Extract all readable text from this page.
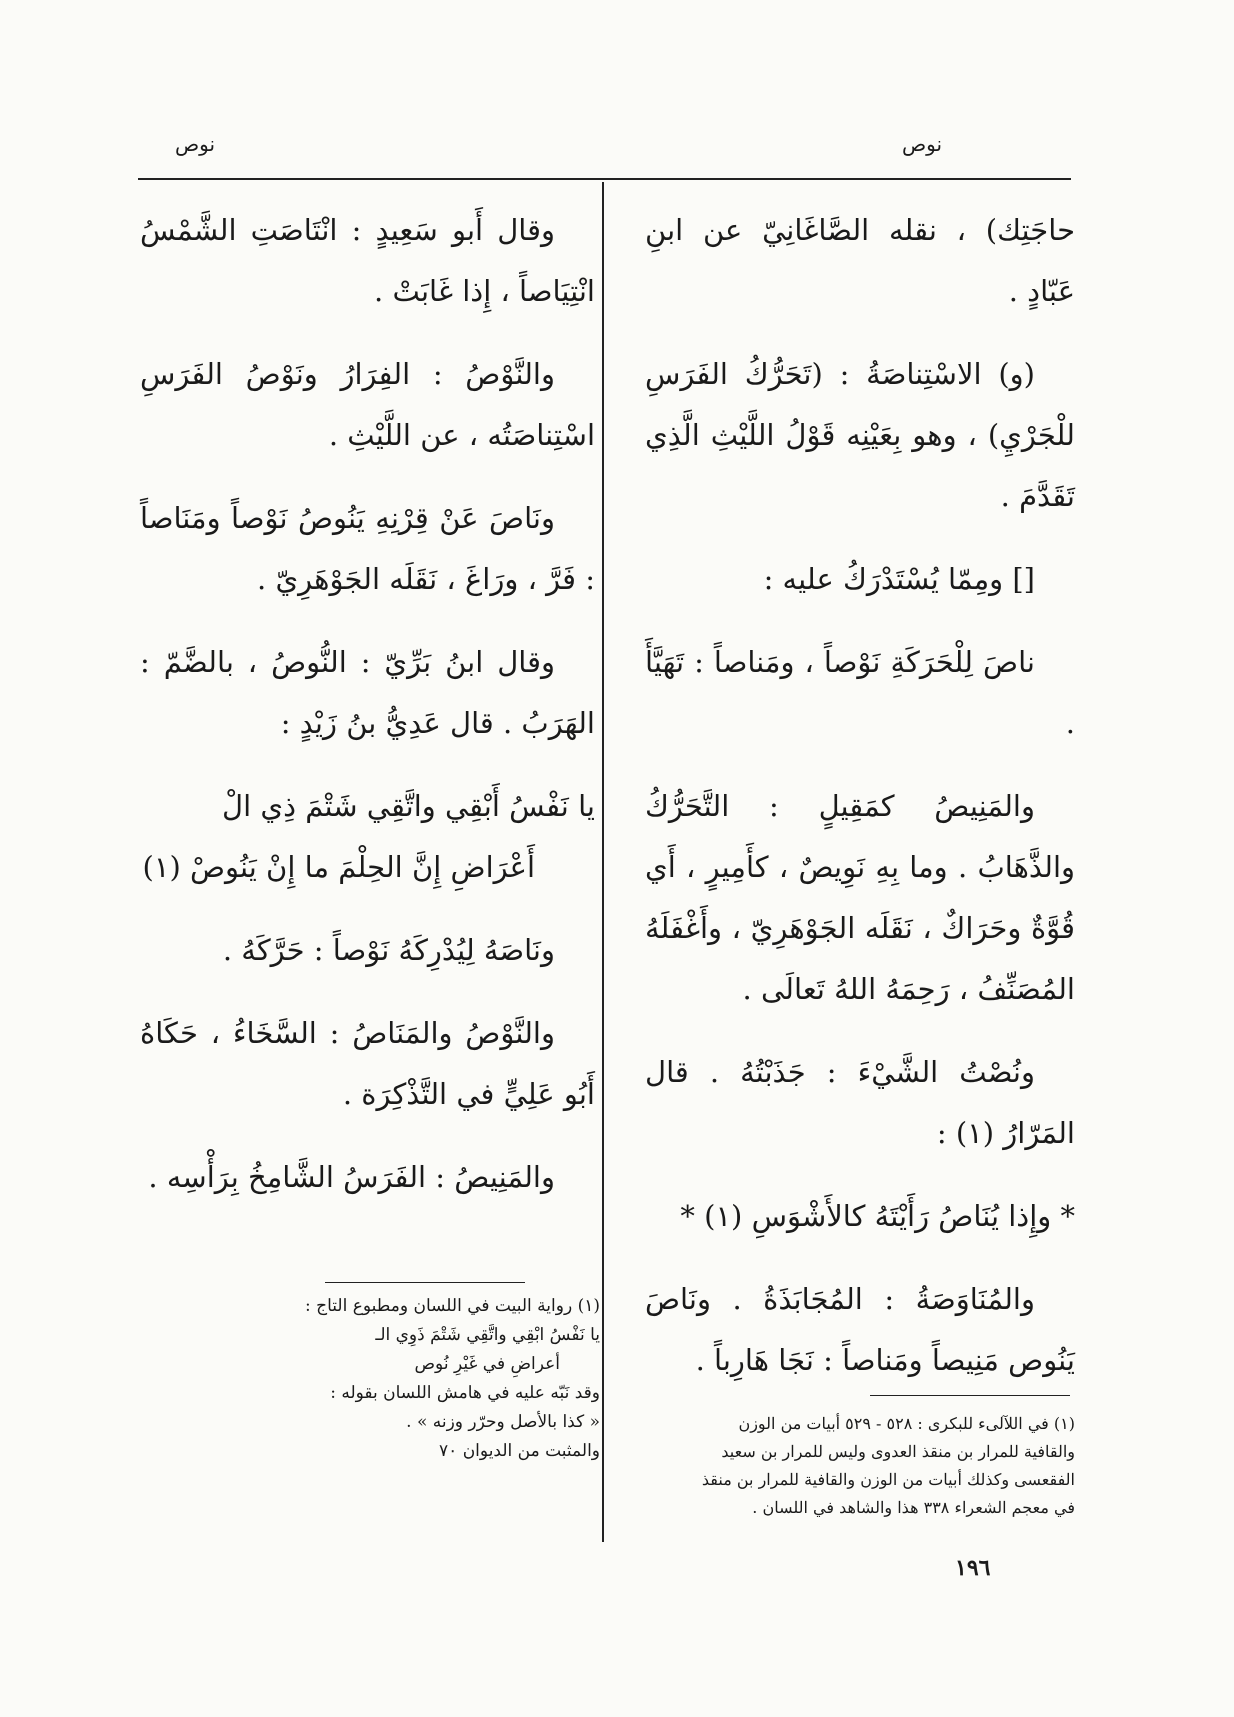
نوص
نوص

حاجَتِك) ، نقله الصَّاغَانِيّ عن ابنِ عَبّادٍ .

(و) الاسْتِناصَةُ : (تَحَرُّكُ الفَرَسِ للْجَرْيِ) ، وهو بِعَيْنِه قَوْلُ اللَّيْثِ الَّذِي تَقَدَّمَ .

[] ومِمّا يُسْتَدْرَكُ عليه :

ناصَ لِلْحَرَكَةِ نَوْصاً ، ومَناصاً : تَهَيَّأَ .

والمَنِيصُ كمَقِيلٍ : التَّحَرُّكُ والذَّهَابُ . وما بِهِ نَوِيصٌ ، كأَمِيرٍ ، أَي قُوَّةٌ وحَرَاكٌ ، نَقَلَه الجَوْهَرِيّ ، وأَغْفَلَهُ المُصَنِّفُ ، رَحِمَهُ اللهُ تَعالَى .

ونُصْتُ الشَّيْءَ : جَذَبْتُهُ . قال المَرّارُ (١) :

* وإِذا يُنَاصُ رَأَيْتَهُ كالأَشْوَسِ (١) *

والمُنَاوَصَةُ : المُجَابَذَةُ . ونَاصَ يَنُوص مَنِيصاً ومَناصاً : نَجَا هَارِباً .

(١) في اللآلىء للبكرى : ٥٢٨ - ٥٢٩ أبيات من الوزن
والقافية للمرار بن منقذ العدوى وليس للمرار بن سعيد
الفقعسى وكذلك أبيات من الوزن والقافية للمرار بن منقذ
في معجم الشعراء ٣٣٨ هذا والشاهد في اللسان .

وقال أَبو سَعِيدٍ : انْتَاصَتِ الشَّمْسُ انْتِيَاصاً ، إِذا غَابَتْ .

والنَّوْصُ : الفِرَارُ ونَوْصُ الفَرَسِ اسْتِناصَتُه ، عن اللَّيْثِ .

ونَاصَ عَنْ قِرْنِهِ يَنُوصُ نَوْصاً ومَنَاصاً : فَرَّ ، ورَاغَ ، نَقَلَه الجَوْهَرِيّ .

وقال ابنُ بَرِّيّ : النُّوصُ ، بالضَّمّ : الهَرَبُ . قال عَدِيُّ بنُ زَيْدٍ :

يا نَفْسُ أَبْقِي واتَّقِي شَتْمَ ذِي الْ
أَعْرَاضِ إِنَّ الحِلْمَ ما إِنْ يَنُوصْ (١)

ونَاصَهُ لِيُدْرِكَهُ نَوْصاً : حَرَّكَهُ .

والنَّوْصُ والمَنَاصُ : السَّخَاءُ ، حَكَاهُ أَبُو عَلِيٍّ في التَّذْكِرَة .

والمَنِيصُ : الفَرَسُ الشَّامِخُ بِرَأْسِه .

(١) رواية البيت في اللسان ومطبوع التاج :
يا نَفْسُ ابْقِي واتَّقِي شَتْمَ ذَوِي الـ
أعراضِ في غَيْرِ نُوص
وقد نَبّه عليه في هامش اللسان بقوله :
« كذا بالأصل وحرّر وزنه » .
والمثبت من الديوان ٧٠
١٩٦
